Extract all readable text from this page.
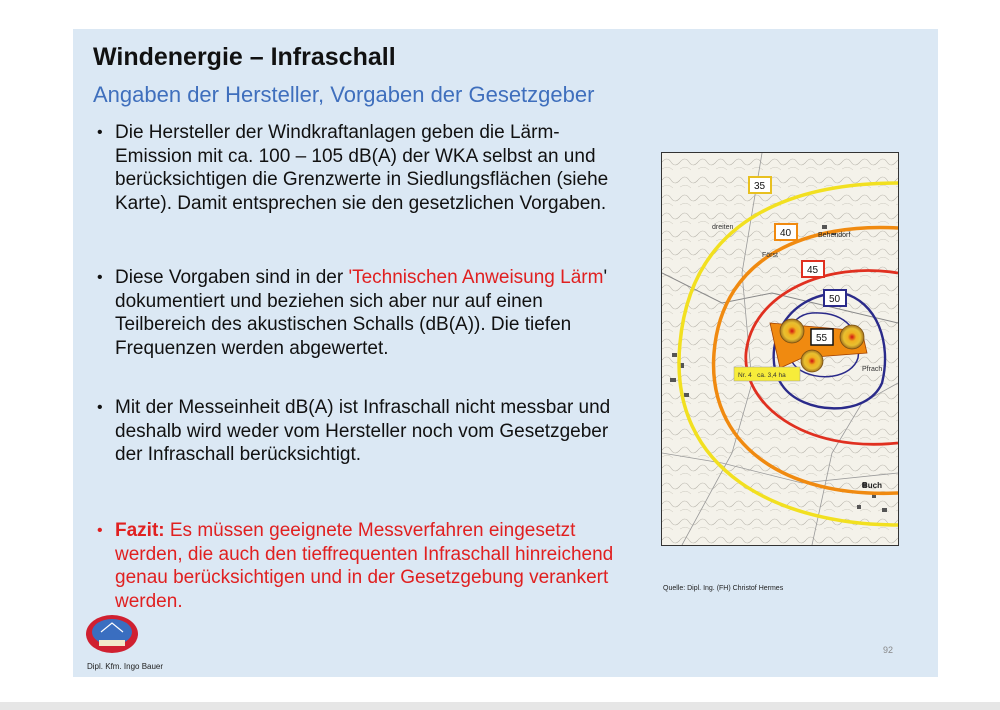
Windenergie – Infraschall
Angaben der Hersteller, Vorgaben der Gesetzgeber
• Die Hersteller der Windkraftanlagen geben die Lärm-Emission mit ca. 100 – 105 dB(A) der WKA selbst an und berücksichtigen die Grenzwerte in Siedlungsflächen (siehe Karte). Damit entsprechen sie den gesetzlichen Vorgaben.
• Diese Vorgaben sind in der 'Technischen Anweisung Lärm' dokumentiert und beziehen sich aber nur auf einen Teilbereich des akustischen Schalls (dB(A)). Die tiefen Frequenzen werden abgewertet.
• Mit der Messeinheit dB(A) ist Infraschall nicht messbar und deshalb wird weder vom Hersteller noch vom Gesetzgeber der Infraschall berücksichtigt.
• Fazit: Es müssen geeignete Messverfahren eingesetzt werden, die auch den tieffrequenten Infraschall hinreichend genau berücksichtigen und in der Gesetzgebung verankert werden.
Nr. 4   ca. 3,4 ha
35
40
45
50
55
Behendorf
Buch
Pfrach
dreiten
Först
Quelle: Dipl. Ing. (FH) Christof Hermes
92
Dipl. Kfm. Ingo Bauer
